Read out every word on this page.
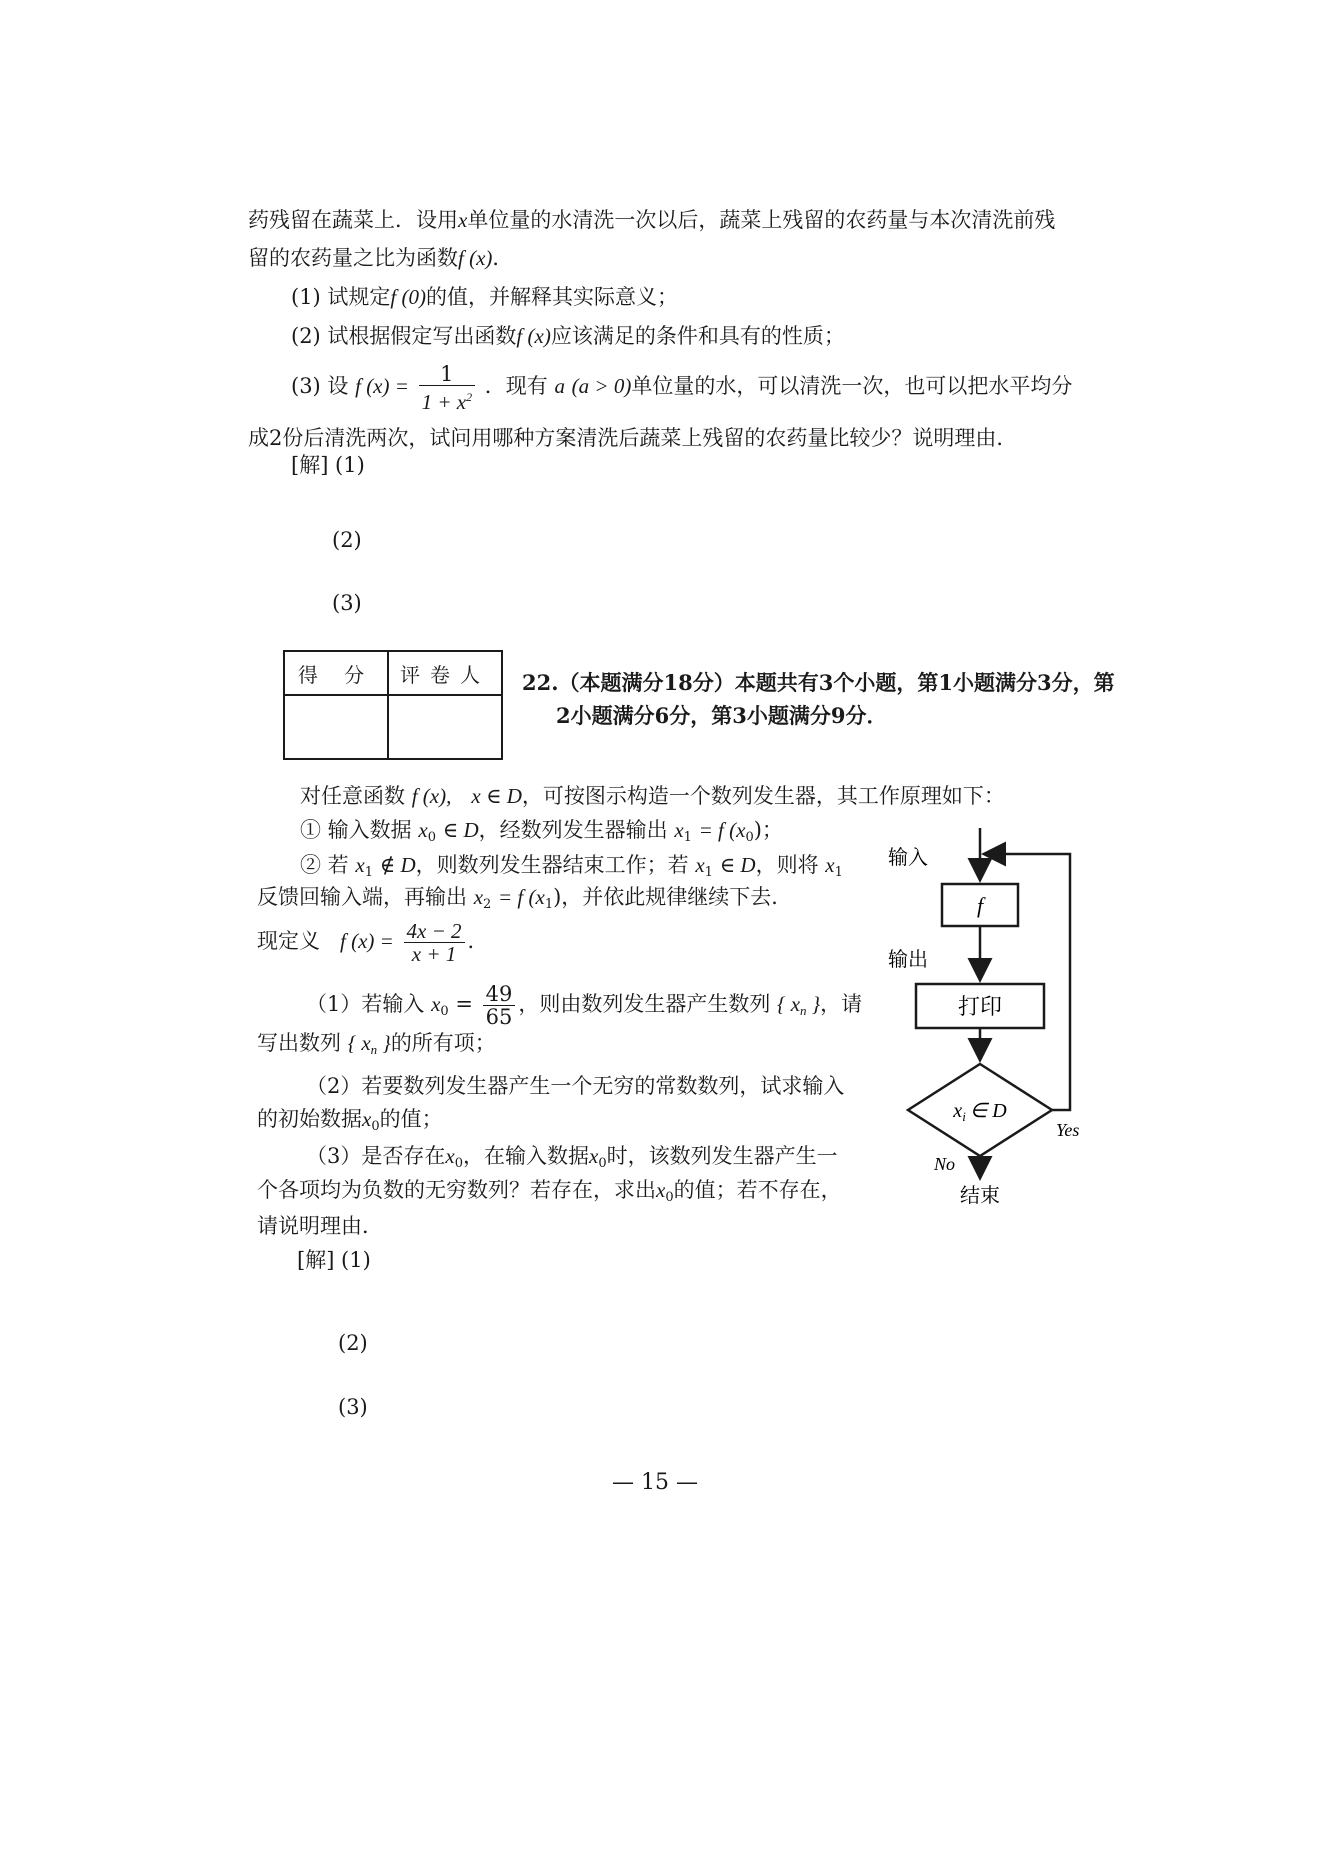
药残留在蔬菜上．设用x单位量的水清洗一次以后，蔬菜上残留的农药量与本次清洗前残
留的农药量之比为函数f (x)．
(1) 试规定f (0)的值，并解释其实际意义；
(2) 试根据假定写出函数f (x)应该满足的条件和具有的性质；
(3) 设 f $(x) = \frac{1}{1 + x^2}$ ．现有 a (a > 0)单位量的水，可以清洗一次，也可以把水平均分
成2份后清洗两次，试问用哪种方案清洗后蔬菜上残留的农药量比较少？说明理由．
[解] (1)
(2)
(3)
得 分	评卷人
	22.（本题满分18分）本题共有3个小题，第1小题满分3分，第
2小题满分6分，第3小题满分9分．
对任意函数 f (x), x ∈ D，可按图示构造一个数列发生器，其工作原理如下：
① 输入数据 $x_0$ ∈ D，经数列发生器输出 $x_1 = f$ $(x_0)$；
② 若 $x_1$ ∉ D，则数列发生器结束工作；若 $x_1$ ∈ D，则将 $x_1$
反馈回输入端，再输出 $x_2 = f$ $(x_1)$，并依此规律继续下去．
现定义 f $(x) = \frac{4x - 2}{x + 1}$ ．
（1）若输入 $x_0 = \frac{49}{65}$ ，则由数列发生器产生数列 { $x_n$ }，请
写出数列 { $x_n$ }的所有项；
（2）若要数列发生器产生一个无穷的常数数列，试求输入
的初始数据$x_0$的值；
（3）是否存在$x_0$，在输入数据$x_0$时，该数列发生器产生一
个各项均为负数的无穷数列？若存在，求出$x_0$的值；若不存在，
请说明理由．
[解] (1)
(2)
(3)
f
打印
$x_i$ ∈ D
Yes
No
结束
输入
输出
— 15 —
